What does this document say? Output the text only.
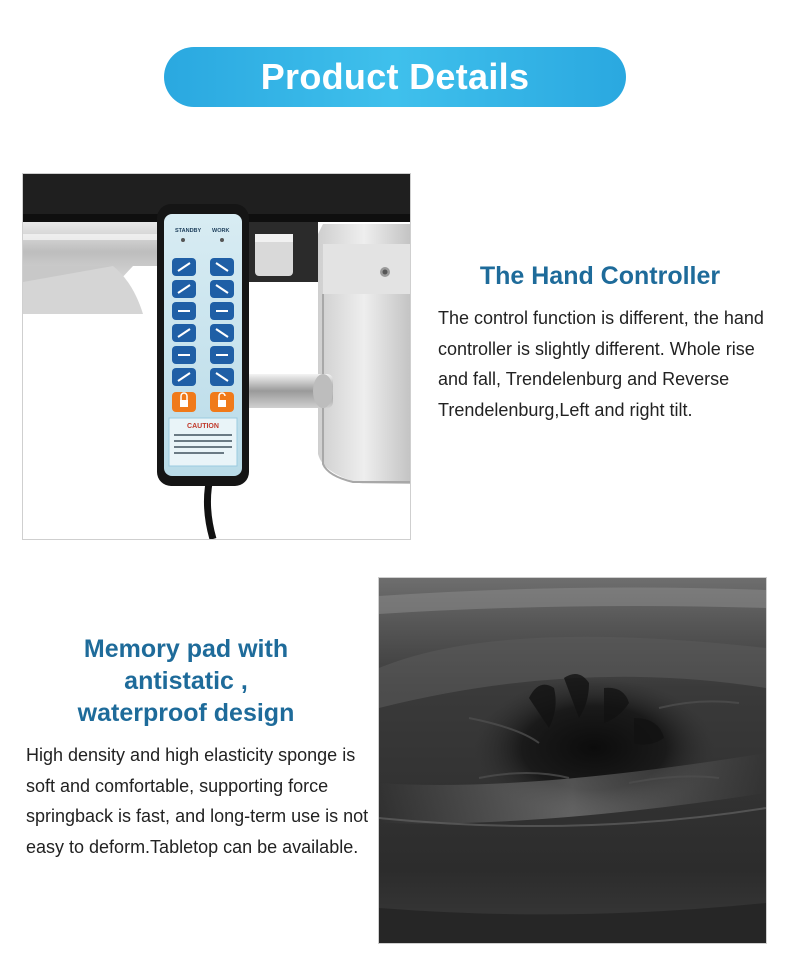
Product Details
STANDBY WORK
CAUTION
The Hand Controller
The control function is different, the hand controller is slightly different. Whole rise and fall, Trendelenburg and Reverse Trendelenburg,Left and right tilt.
Memory pad with
antistatic ,
waterproof design
High density and high elasticity sponge is soft and comfortable, supporting force springback is fast, and long-term use is not easy to deform.Tabletop can be available.
